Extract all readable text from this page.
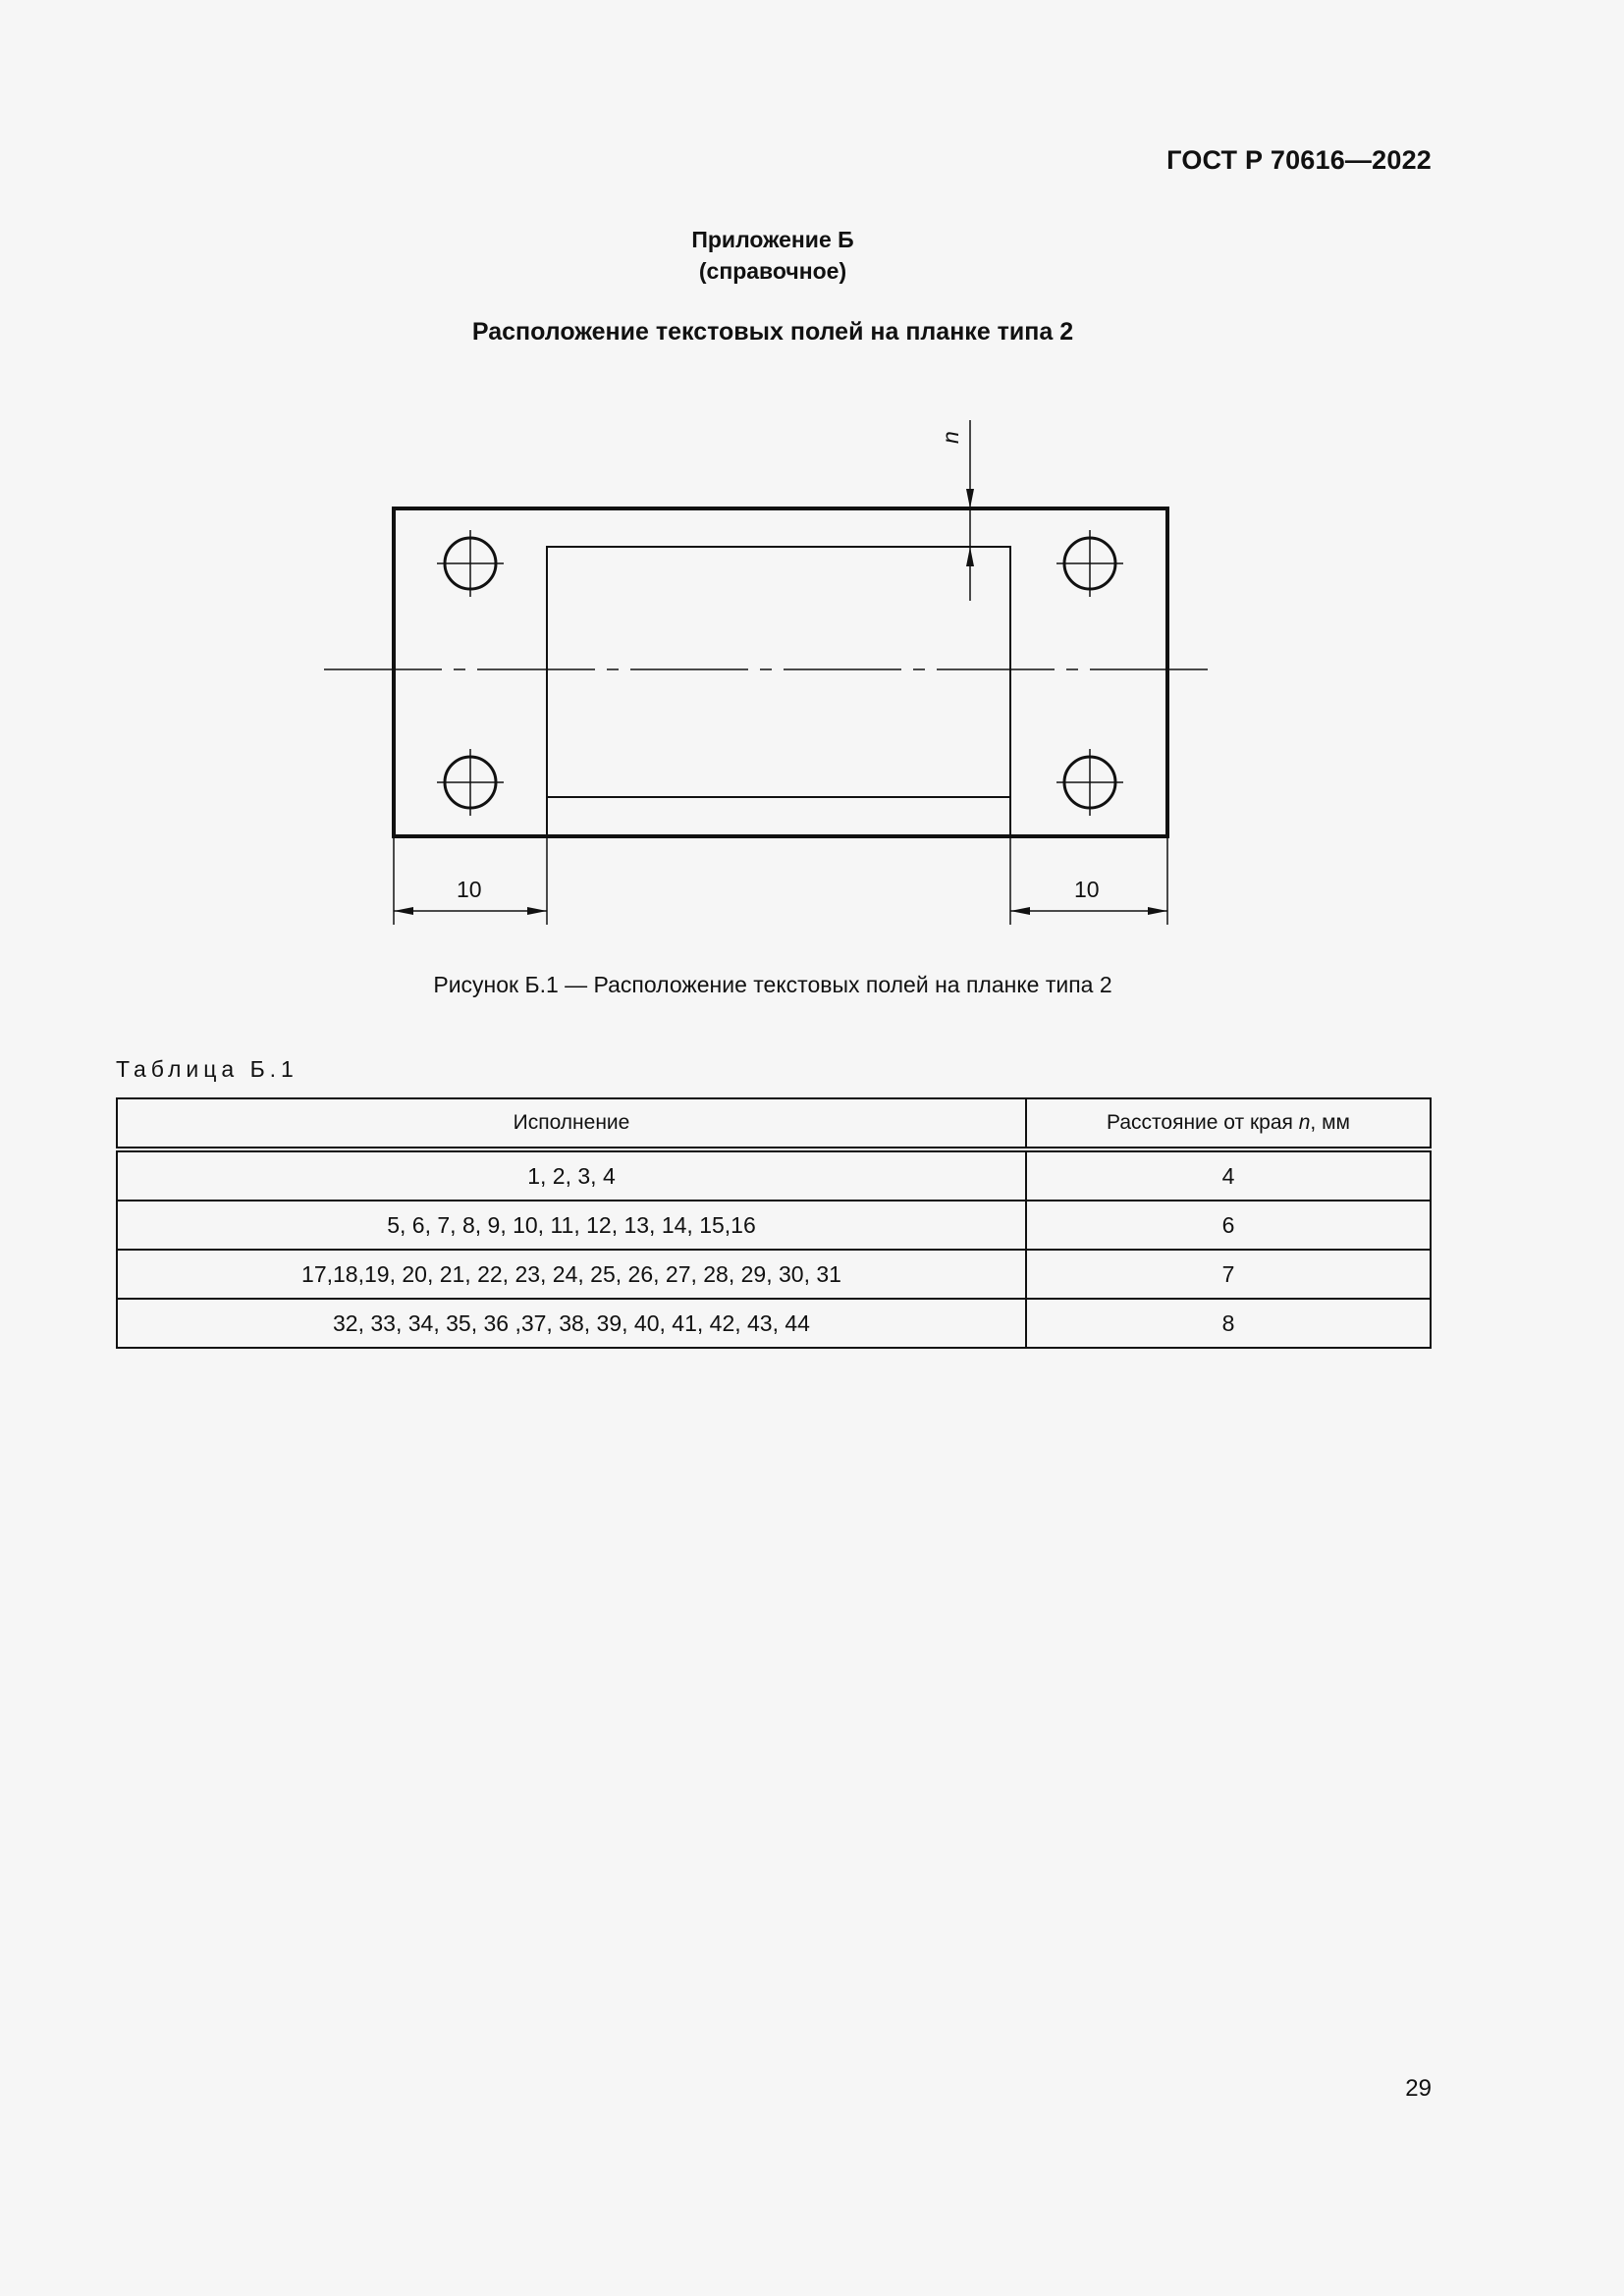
ГОСТ Р 70616—2022
Приложение Б
(справочное)
Расположение текстовых полей на планке типа 2
n
10	10
Рисунок Б.1 — Расположение текстовых полей на планке типа 2
Таблица Б.1
Исполнение	Расстояние от края n, мм
1, 2, 3, 4	4
5, 6, 7, 8, 9, 10, 11, 12, 13, 14, 15,16	6
17,18,19, 20, 21, 22, 23, 24, 25, 26, 27, 28, 29, 30, 31	7
32, 33, 34, 35, 36 ,37, 38, 39, 40, 41, 42, 43, 44	8
29
